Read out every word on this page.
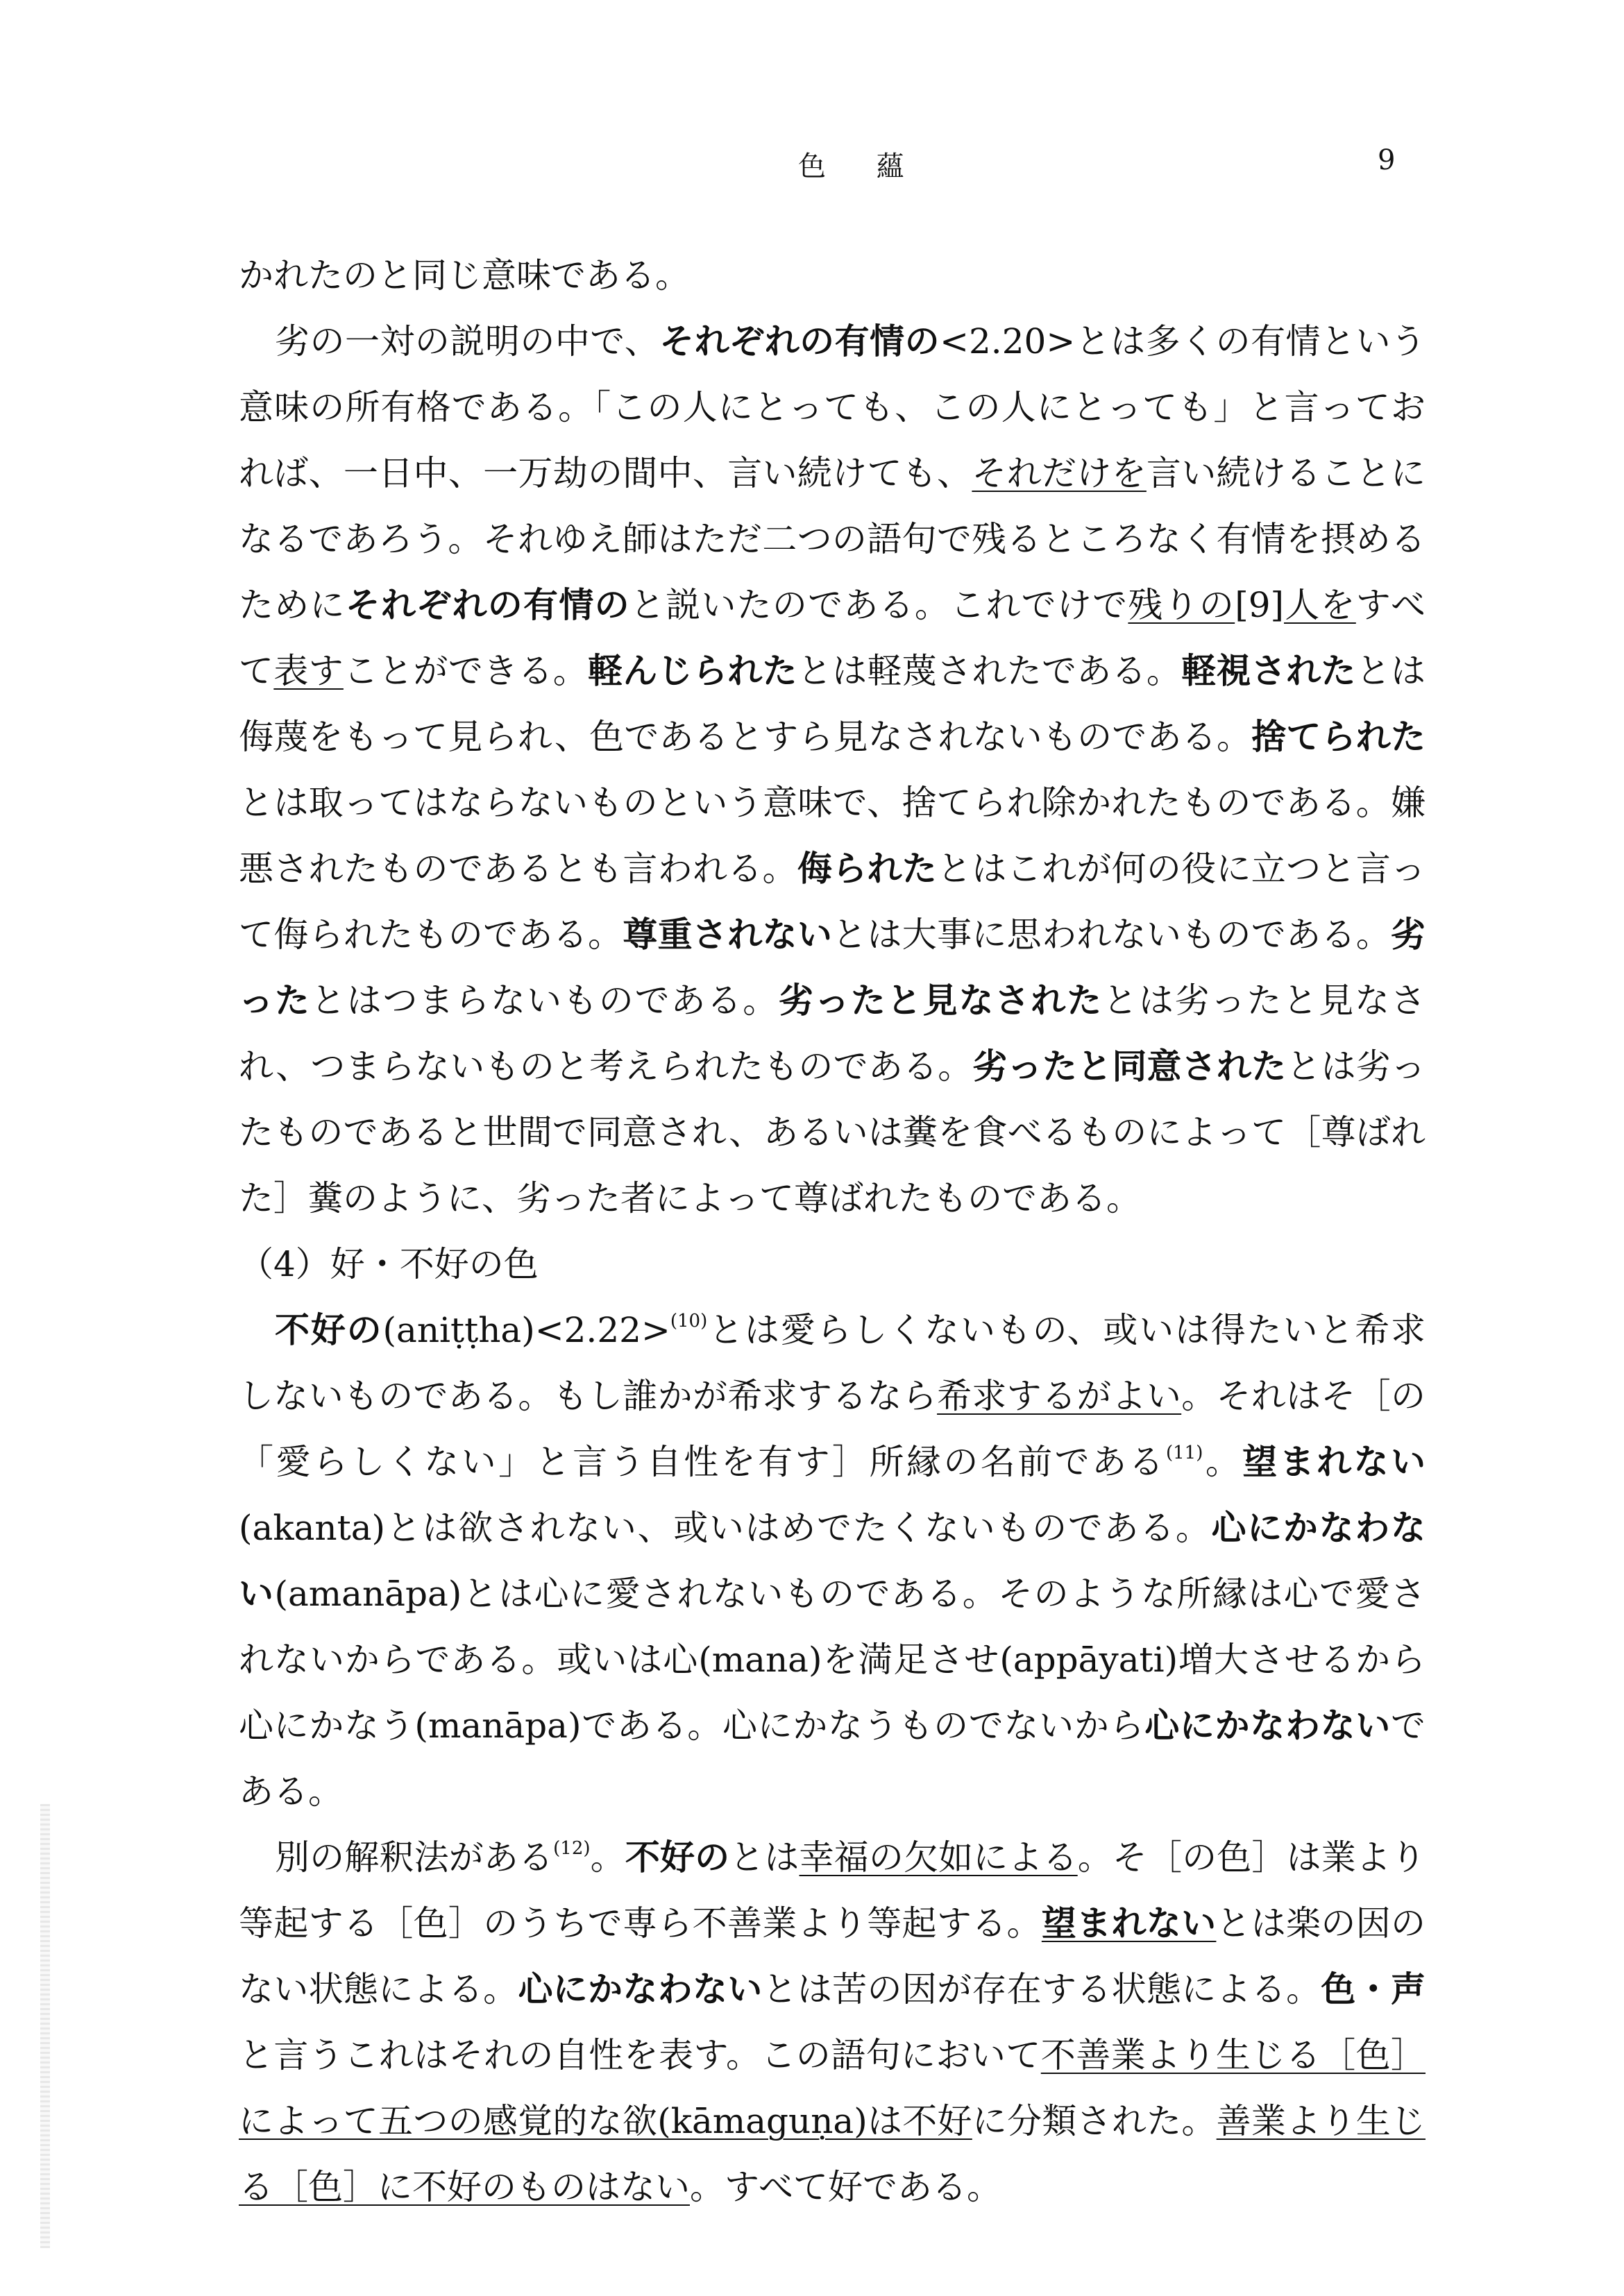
色 蘊	9

かれたのと同じ意味である。

劣の一対の説明の中で、それぞれの有情の<2.20>とは多くの有情という意味の所有格である。「この人にとっても、この人にとっても」と言っておれば、一日中、一万劫の間中、言い続けても、それだけを言い続けることになるであろう。それゆえ師はただ二つの語句で残るところなく有情を摂めるためにそれぞれの有情のと説いたのである。これでけで残りの[9]人をすべて表すことができる。軽んじられたとは軽蔑されたである。軽視されたとは侮蔑をもって見られ、色であるとすら見なされないものである。捨てられたとは取ってはならないものという意味で、捨てられ除かれたものである。嫌悪されたものであるとも言われる。侮られたとはこれが何の役に立つと言って侮られたものである。尊重されないとは大事に思われないものである。劣ったとはつまらないものである。劣ったと見なされたとは劣ったと見なされ、つまらないものと考えられたものである。劣ったと同意されたとは劣ったものであると世間で同意され、あるいは糞を食べるものによって［尊ばれた］糞のように、劣った者によって尊ばれたものである。

（4）好・不好の色

不好の(aniṭṭha)<2.22>$^{(10)}$とは愛らしくないもの、或いは得たいと希求しないものである。もし誰かが希求するなら希求するがよい。それはそ［の「愛らしくない」と言う自性を有す］所縁の名前である$^{(11)}$。望まれない(akanta)とは欲されない、或いはめでたくないものである。心にかなわない(amanāpa)とは心に愛されないものである。そのような所縁は心で愛されないからである。或いは心(mana)を満足させ(appāyati)増大させるから心にかなう(manāpa)である。心にかなうものでないから心にかなわないである。

別の解釈法がある$^{(12)}$。不好のとは幸福の欠如による。そ［の色］は業より等起する［色］のうちで専ら不善業より等起する。望まれないとは楽の因のない状態による。心にかなわないとは苦の因が存在する状態による。色・声と言うこれはそれの自性を表す。この語句において不善業より生じる［色］によって五つの感覚的な欲(kāmaguṇa)は不好に分類された。善業より生じる［色］に不好のものはない。すべて好である。
